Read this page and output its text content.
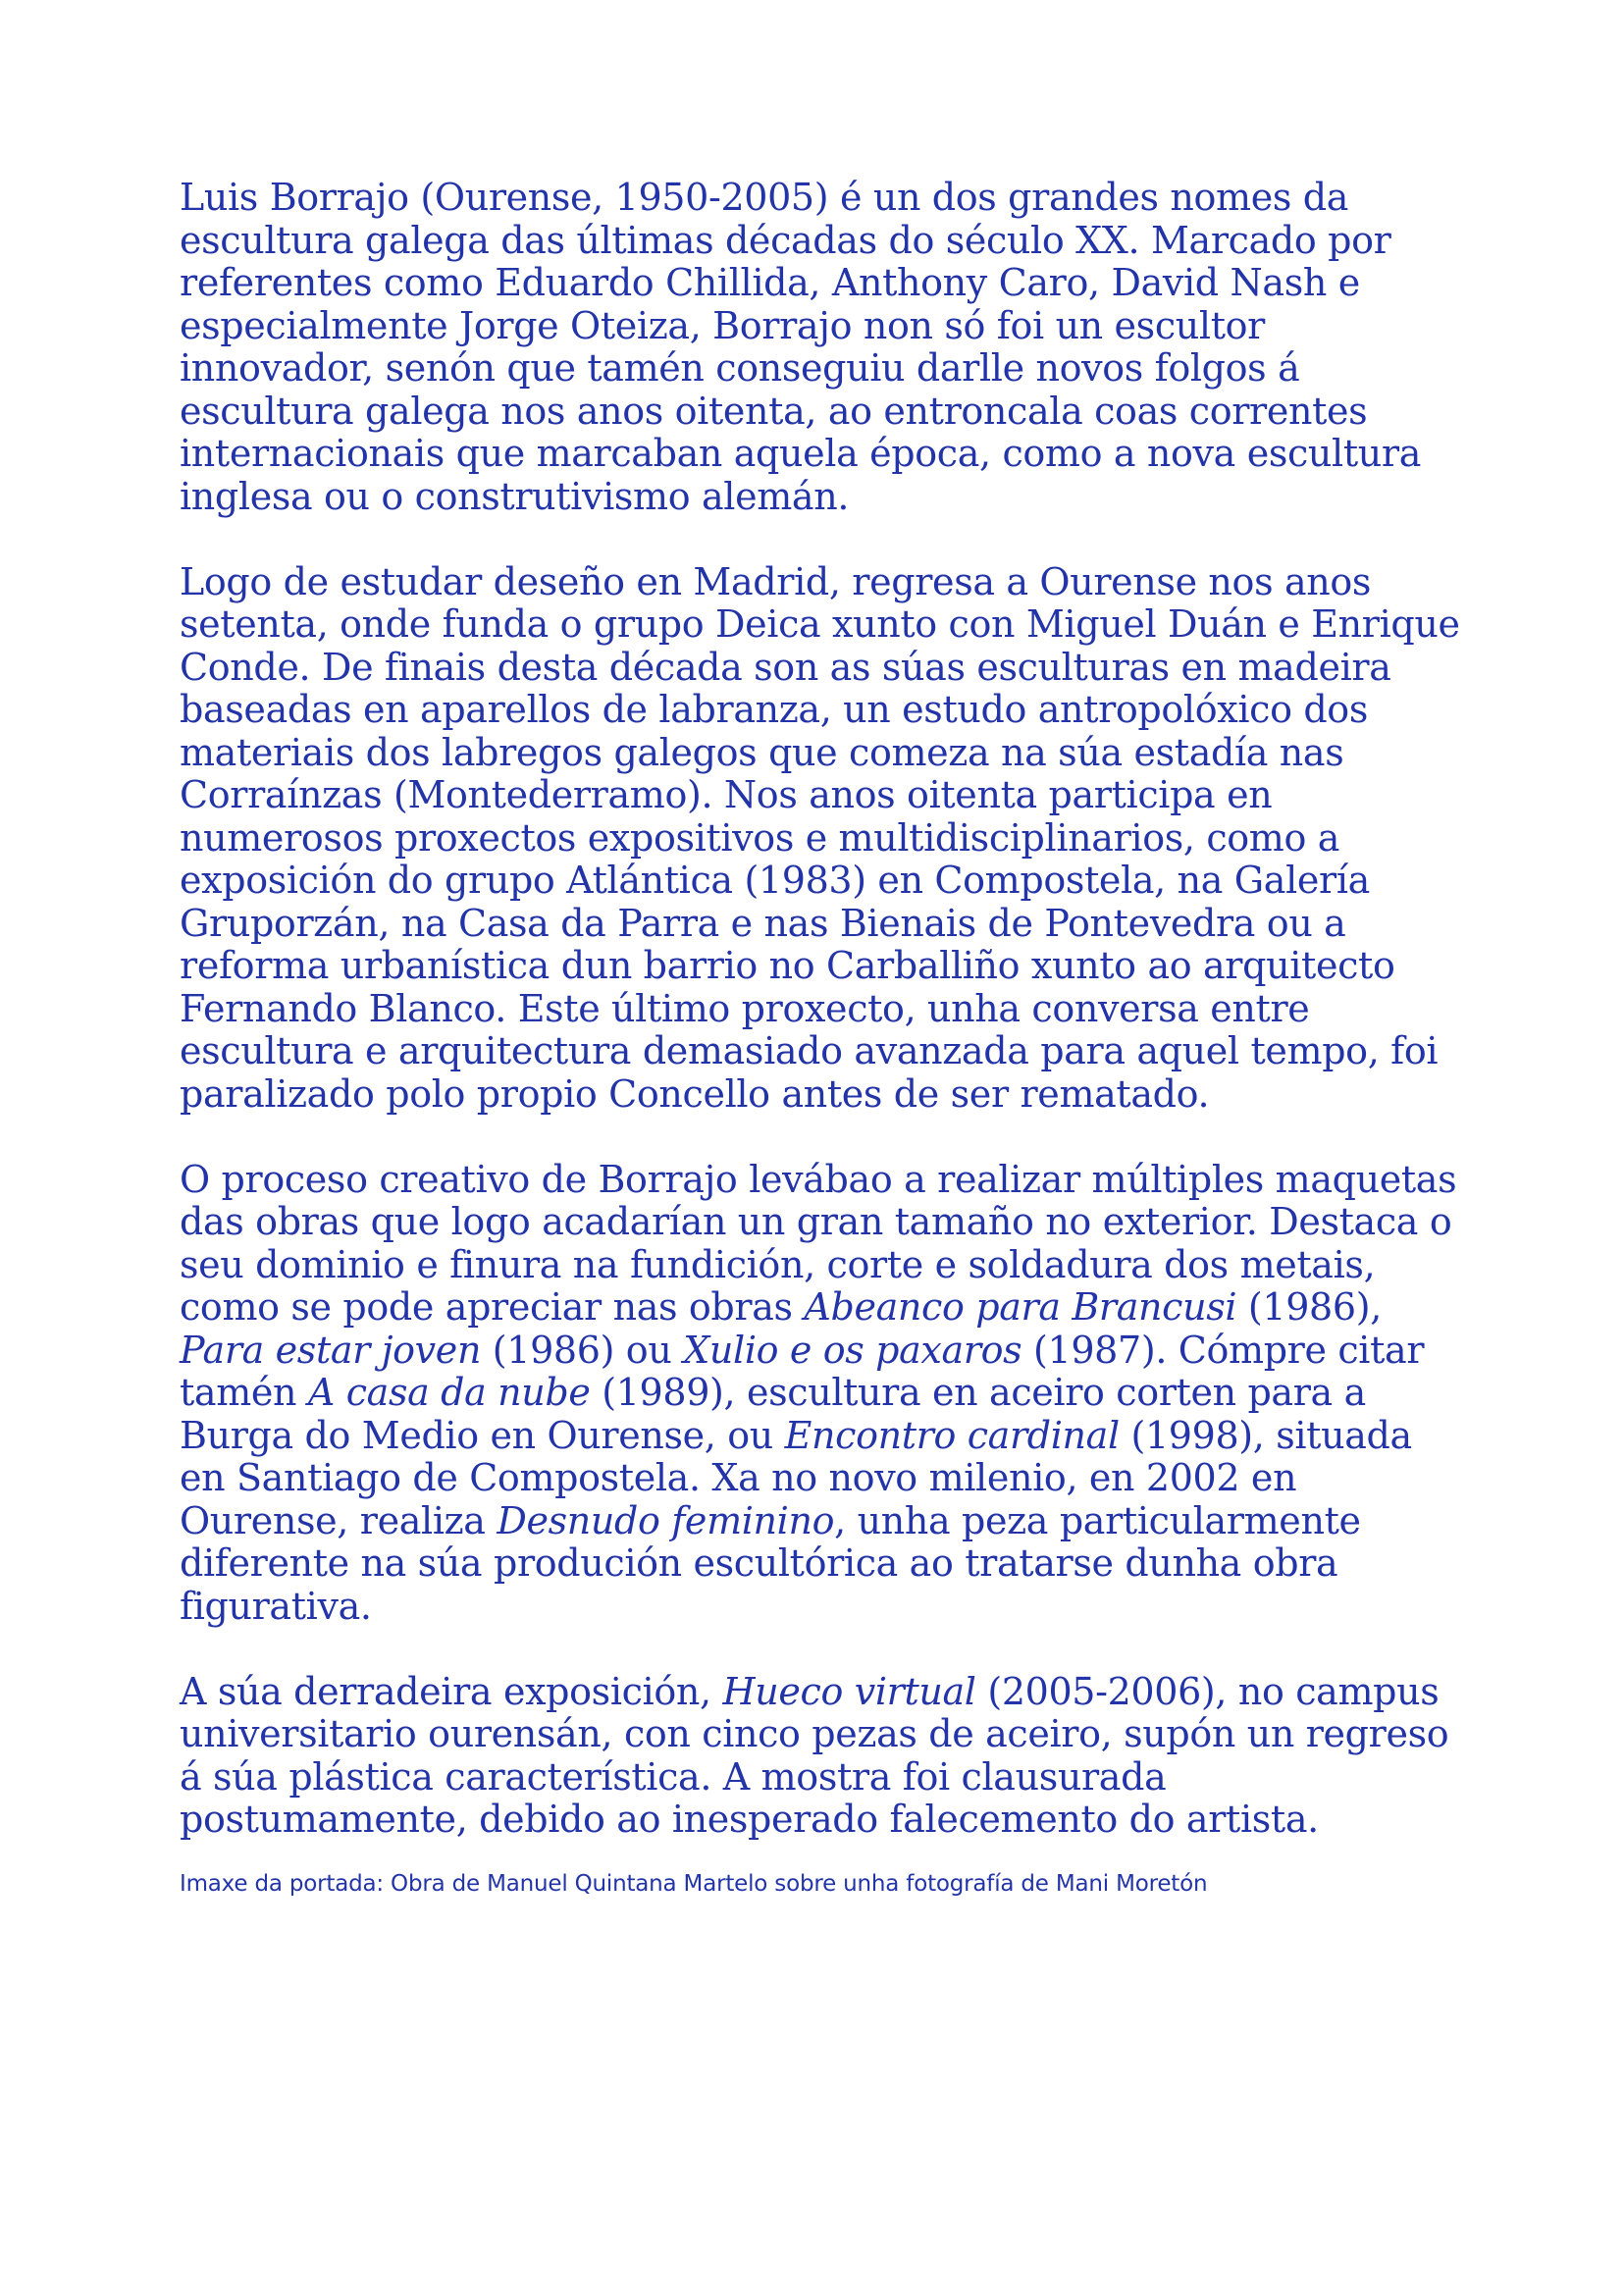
Luis Borrajo (Ourense, 1950-2005) é un dos grandes nomes da escultura galega das últimas décadas do século XX. Marcado por referentes como Eduardo Chillida, Anthony Caro, David Nash e especialmente Jorge Oteiza, Borrajo non só foi un escultor innovador, senón que tamén conseguiu darlle novos folgos á escultura galega nos anos oitenta, ao entroncala coas correntes internacionais que marcaban aquela época, como a nova escultura inglesa ou o construtivismo alemán.

Logo de estudar deseño en Madrid, regresa a Ourense nos anos setenta, onde funda o grupo Deica xunto con Miguel Duán e Enrique Conde. De finais desta década son as súas esculturas en madeira baseadas en aparellos de labranza, un estudo antropolóxico dos materiais dos labregos galegos que comeza na súa estadía nas Corraínzas (Montederramo). Nos anos oitenta participa en numerosos proxectos expositivos e multidisciplinarios, como a exposición do grupo Atlántica (1983) en Compostela, na Galería Gruporzán, na Casa da Parra e nas Bienais de Pontevedra ou a reforma urbanística dun barrio no Carballiño xunto ao arquitecto Fernando Blanco. Este último proxecto, unha conversa entre escultura e arquitectura demasiado avanzada para aquel tempo, foi paralizado polo propio Concello antes de ser rematado.

O proceso creativo de Borrajo levábao a realizar múltiples maquetas das obras que logo acadarían un gran tamaño no exterior. Destaca o seu dominio e finura na fundición, corte e soldadura dos metais, como se pode apreciar nas obras Abeanco para Brancusi (1986), Para estar joven (1986) ou Xulio e os paxaros (1987). Cómpre citar tamén A casa da nube (1989), escultura en aceiro corten para a Burga do Medio en Ourense, ou Encontro cardinal (1998), situada en Santiago de Compostela. Xa no novo milenio, en 2002 en Ourense, realiza Desnudo feminino, unha peza particularmente diferente na súa produción escultórica ao tratarse dunha obra figurativa.

A súa derradeira exposición, Hueco virtual (2005-2006), no campus universitario ourensán, con cinco pezas de aceiro, supón un regreso á súa plástica característica. A mostra foi clausurada postumamente, debido ao inesperado falecemento do artista.

Imaxe da portada: Obra de Manuel Quintana Martelo sobre unha fotografía de Mani Moretón
